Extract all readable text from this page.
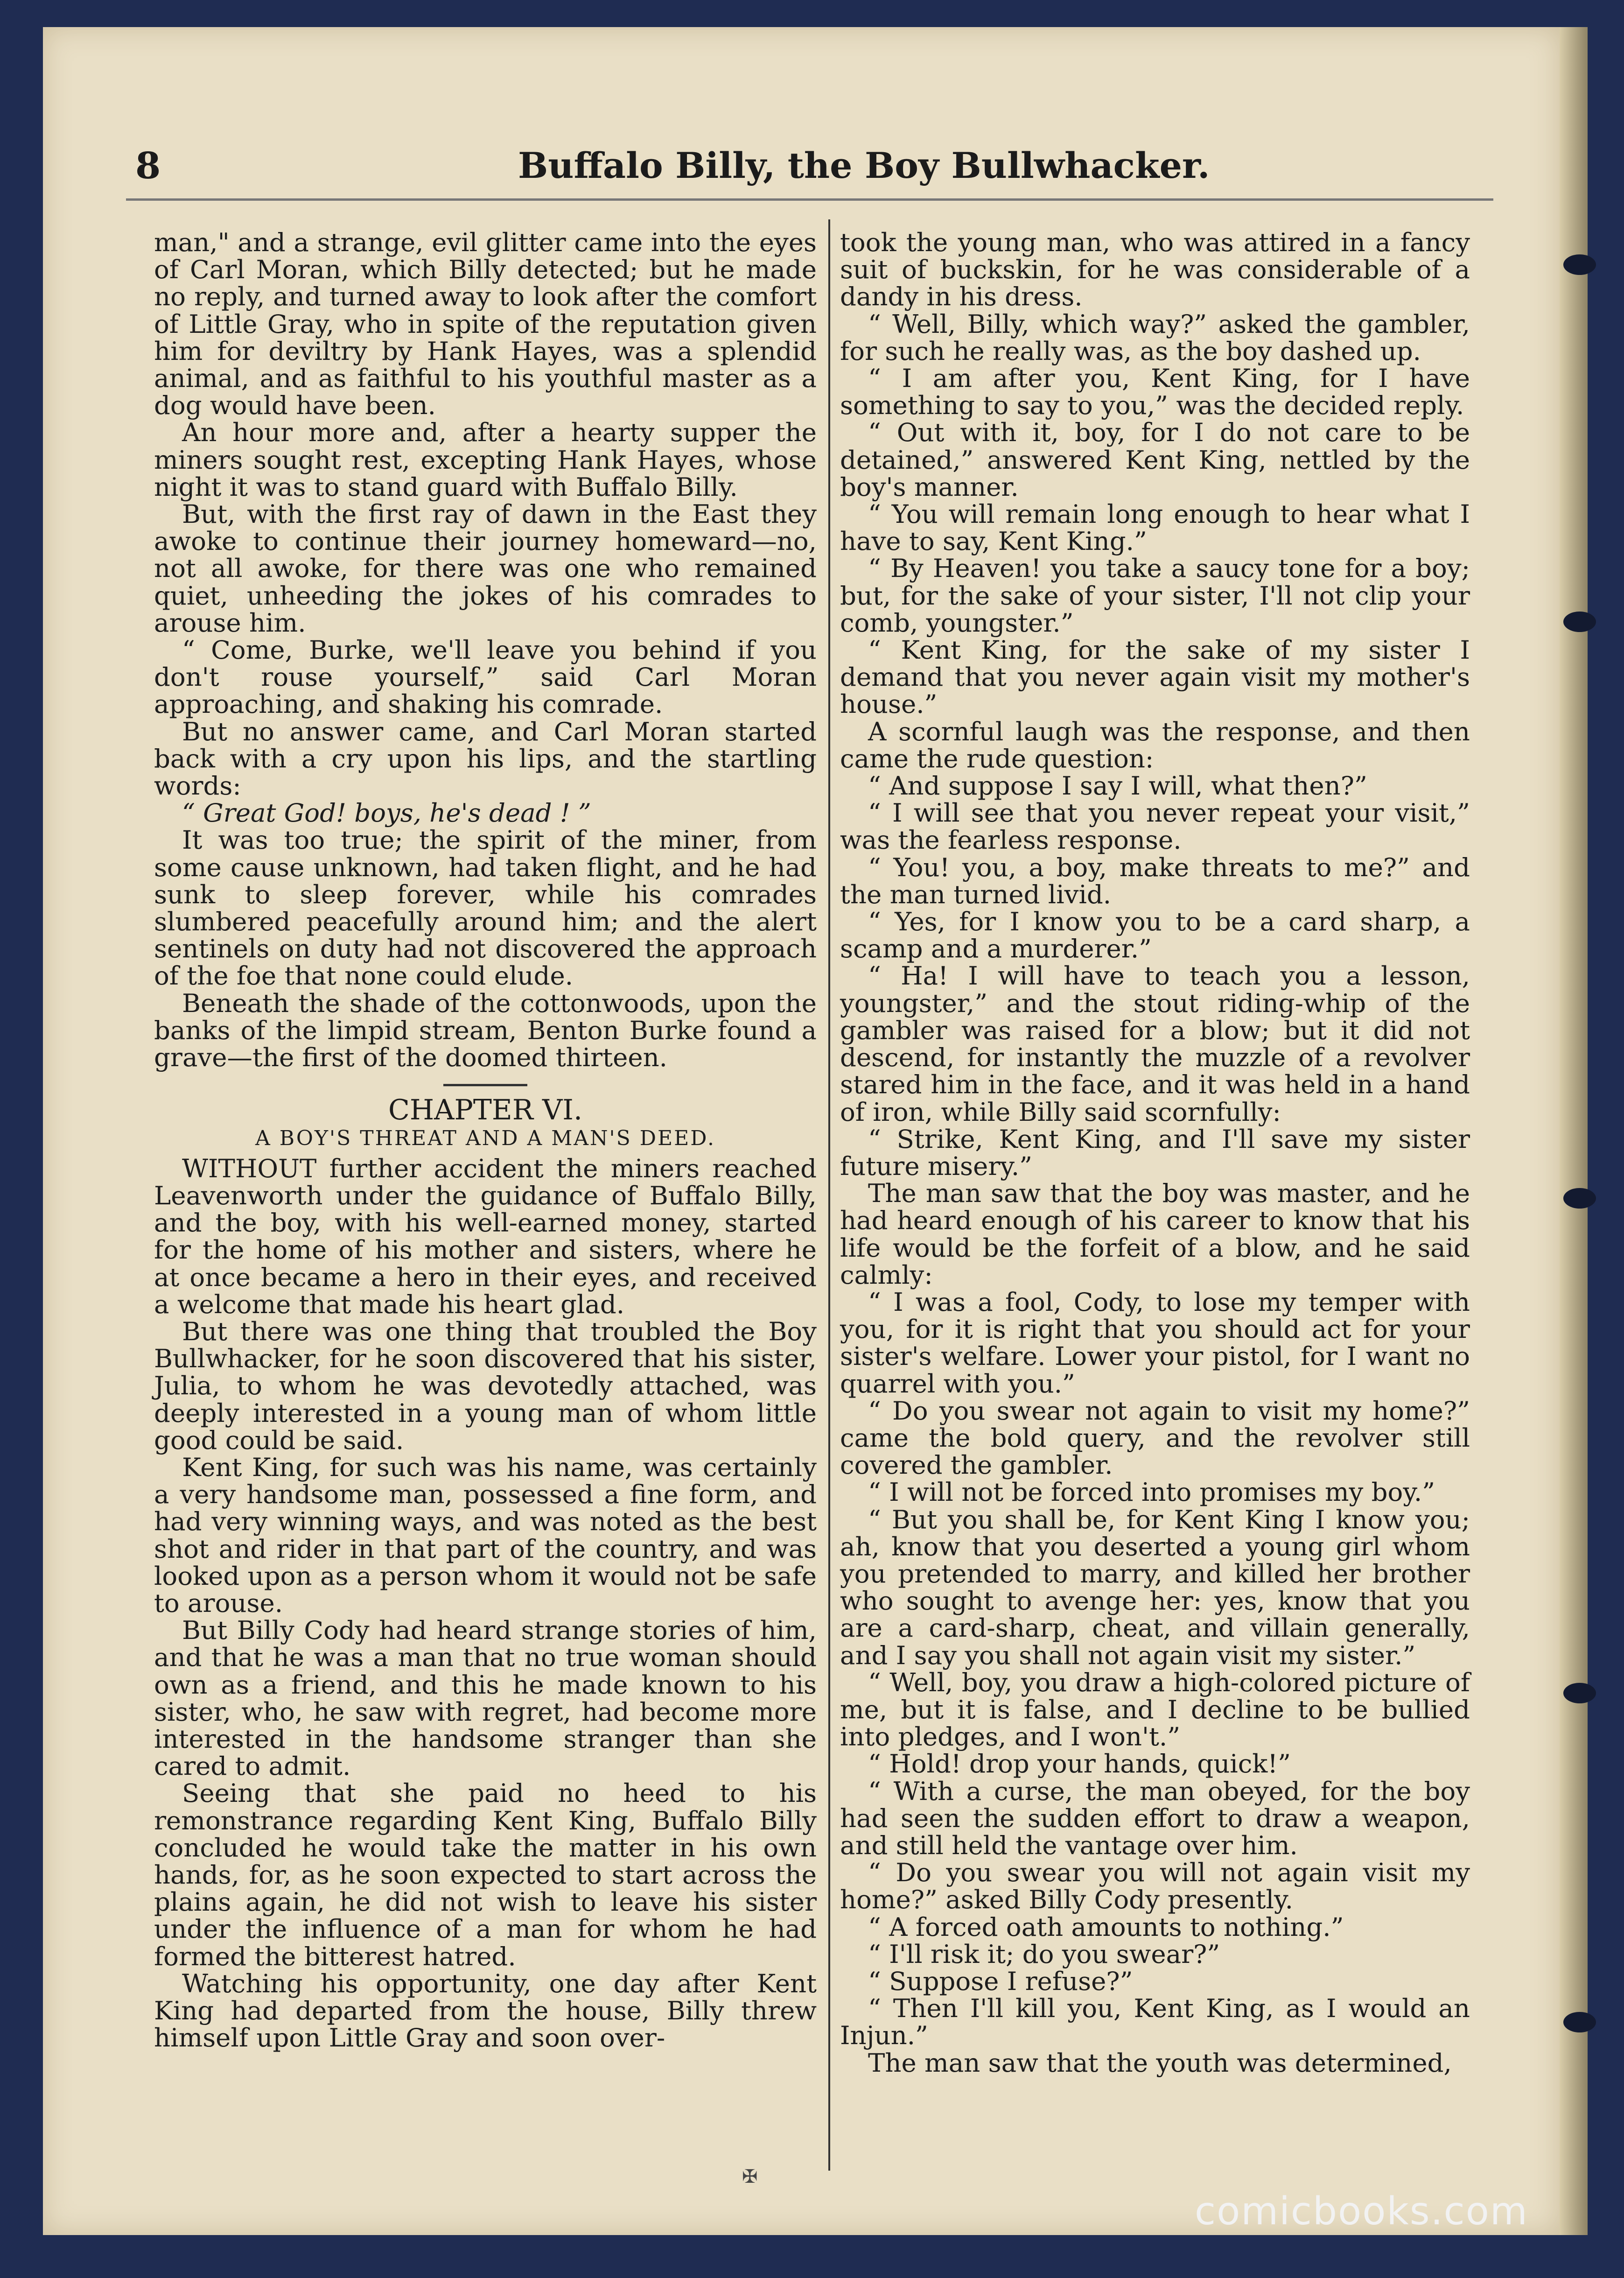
8	Buffalo Billy, the Boy Bullwhacker.

man," and a strange, evil glitter came into the eyes of Carl Moran, which Billy detected; but he made no reply, and turned away to look after the comfort of Little Gray, who in spite of the reputation given him for deviltry by Hank Hayes, was a splendid animal, and as faithful to his youthful master as a dog would have been.

An hour more and, after a hearty supper the miners sought rest, excepting Hank Hayes, whose night it was to stand guard with Buffalo Billy.

But, with the first ray of dawn in the East they awoke to continue their journey homeward—no, not all awoke, for there was one who remained quiet, unheeding the jokes of his comrades to arouse him.

“ Come, Burke, we'll leave you behind if you don't rouse yourself,” said Carl Moran approaching, and shaking his comrade.

But no answer came, and Carl Moran started back with a cry upon his lips, and the startling words:

“ Great God! boys, he's dead ! ”

It was too true; the spirit of the miner, from some cause unknown, had taken flight, and he had sunk to sleep forever, while his comrades slumbered peacefully around him; and the alert sentinels on duty had not discovered the approach of the foe that none could elude.

Beneath the shade of the cottonwoods, upon the banks of the limpid stream, Benton Burke found a grave—the first of the doomed thirteen.

CHAPTER VI.
A BOY'S THREAT AND A MAN'S DEED.

WITHOUT further accident the miners reached Leavenworth under the guidance of Buffalo Billy, and the boy, with his well-earned money, started for the home of his mother and sisters, where he at once became a hero in their eyes, and received a welcome that made his heart glad.

But there was one thing that troubled the Boy Bullwhacker, for he soon discovered that his sister, Julia, to whom he was devotedly attached, was deeply interested in a young man of whom little good could be said.

Kent King, for such was his name, was certainly a very handsome man, possessed a fine form, and had very winning ways, and was noted as the best shot and rider in that part of the country, and was looked upon as a person whom it would not be safe to arouse.

But Billy Cody had heard strange stories of him, and that he was a man that no true woman should own as a friend, and this he made known to his sister, who, he saw with regret, had become more interested in the handsome stranger than she cared to admit.

Seeing that she paid no heed to his remonstrance regarding Kent King, Buffalo Billy concluded he would take the matter in his own hands, for, as he soon expected to start across the plains again, he did not wish to leave his sister under the influence of a man for whom he had formed the bitterest hatred.

Watching his opportunity, one day after Kent King had departed from the house, Billy threw himself upon Little Gray and soon over-

took the young man, who was attired in a fancy suit of buckskin, for he was considerable of a dandy in his dress.

“ Well, Billy, which way?” asked the gambler, for such he really was, as the boy dashed up.

“ I am after you, Kent King, for I have something to say to you,” was the decided reply.

“ Out with it, boy, for I do not care to be detained,” answered Kent King, nettled by the boy's manner.

“ You will remain long enough to hear what I have to say, Kent King.”

“ By Heaven! you take a saucy tone for a boy; but, for the sake of your sister, I'll not clip your comb, youngster.”

“ Kent King, for the sake of my sister I demand that you never again visit my mother's house.”

A scornful laugh was the response, and then came the rude question:

“ And suppose I say I will, what then?”

“ I will see that you never repeat your visit,” was the fearless response.

“ You! you, a boy, make threats to me?” and the man turned livid.

“ Yes, for I know you to be a card sharp, a scamp and a murderer.”

“ Ha! I will have to teach you a lesson, youngster,” and the stout riding-whip of the gambler was raised for a blow; but it did not descend, for instantly the muzzle of a revolver stared him in the face, and it was held in a hand of iron, while Billy said scornfully:

“ Strike, Kent King, and I'll save my sister future misery.”

The man saw that the boy was master, and he had heard enough of his career to know that his life would be the forfeit of a blow, and he said calmly:

“ I was a fool, Cody, to lose my temper with you, for it is right that you should act for your sister's welfare. Lower your pistol, for I want no quarrel with you.”

“ Do you swear not again to visit my home?” came the bold query, and the revolver still covered the gambler.

“ I will not be forced into promises my boy.”

“ But you shall be, for Kent King I know you; ah, know that you deserted a young girl whom you pretended to marry, and killed her brother who sought to avenge her: yes, know that you are a card-sharp, cheat, and villain generally, and I say you shall not again visit my sister.”

“ Well, boy, you draw a high-colored picture of me, but it is false, and I decline to be bullied into pledges, and I won't.”

“ Hold! drop your hands, quick!”

“ With a curse, the man obeyed, for the boy had seen the sudden effort to draw a weapon, and still held the vantage over him.

“ Do you swear you will not again visit my home?” asked Billy Cody presently.

“ A forced oath amounts to nothing.”

“ I'll risk it; do you swear?”

“ Suppose I refuse?”

“ Then I'll kill you, Kent King, as I would an Injun.”

The man saw that the youth was determined,

✠
comicbooks.com
